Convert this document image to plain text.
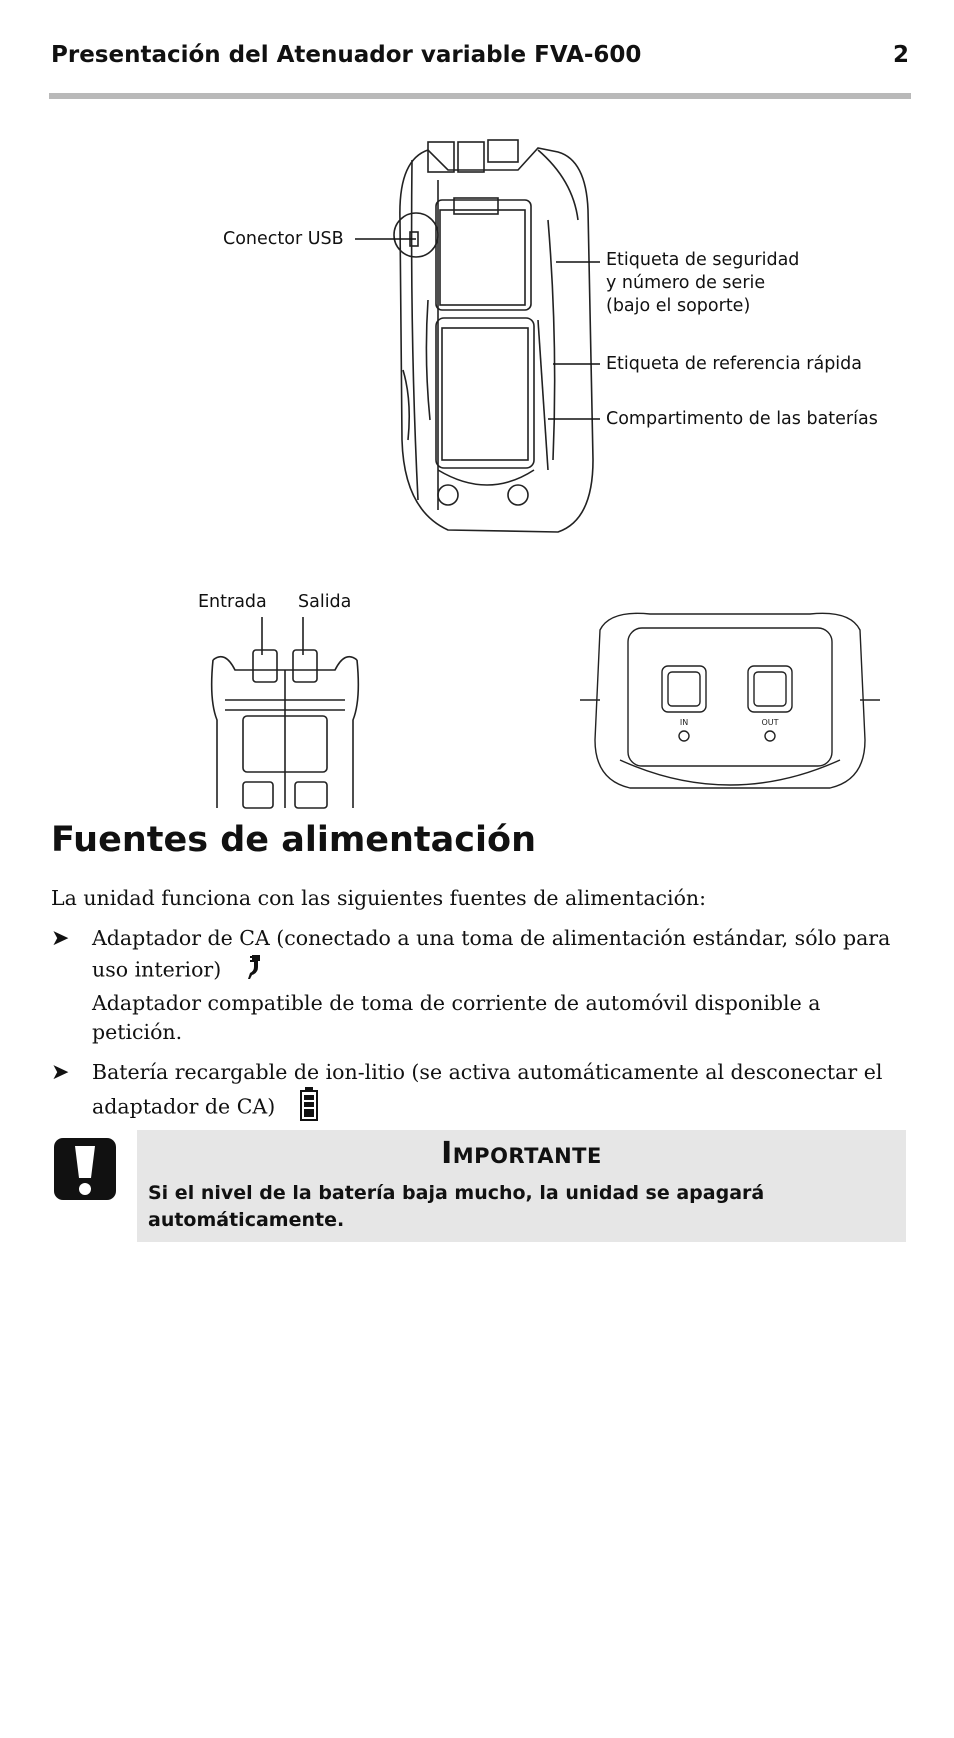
Presentación del Atenuador variable FVA-600	2
Conector USB
Etiqueta de seguridad
y número de serie
(bajo el soporte)
Etiqueta de referencia rápida
Compartimento de las baterías
Entrada Salida
IN	OUT
Fuentes de alimentación
La unidad funciona con las siguientes fuentes de alimentación:
➤ Adaptador de CA (conectado a una toma de alimentación estándar, sólo para
uso interior)
Adaptador compatible de toma de corriente de automóvil disponible a petición.
➤ Batería recargable de ion-litio (se activa automáticamente al desconectar el
adaptador de CA)
Importante
Si el nivel de la batería baja mucho, la unidad se apagará automáticamente.
